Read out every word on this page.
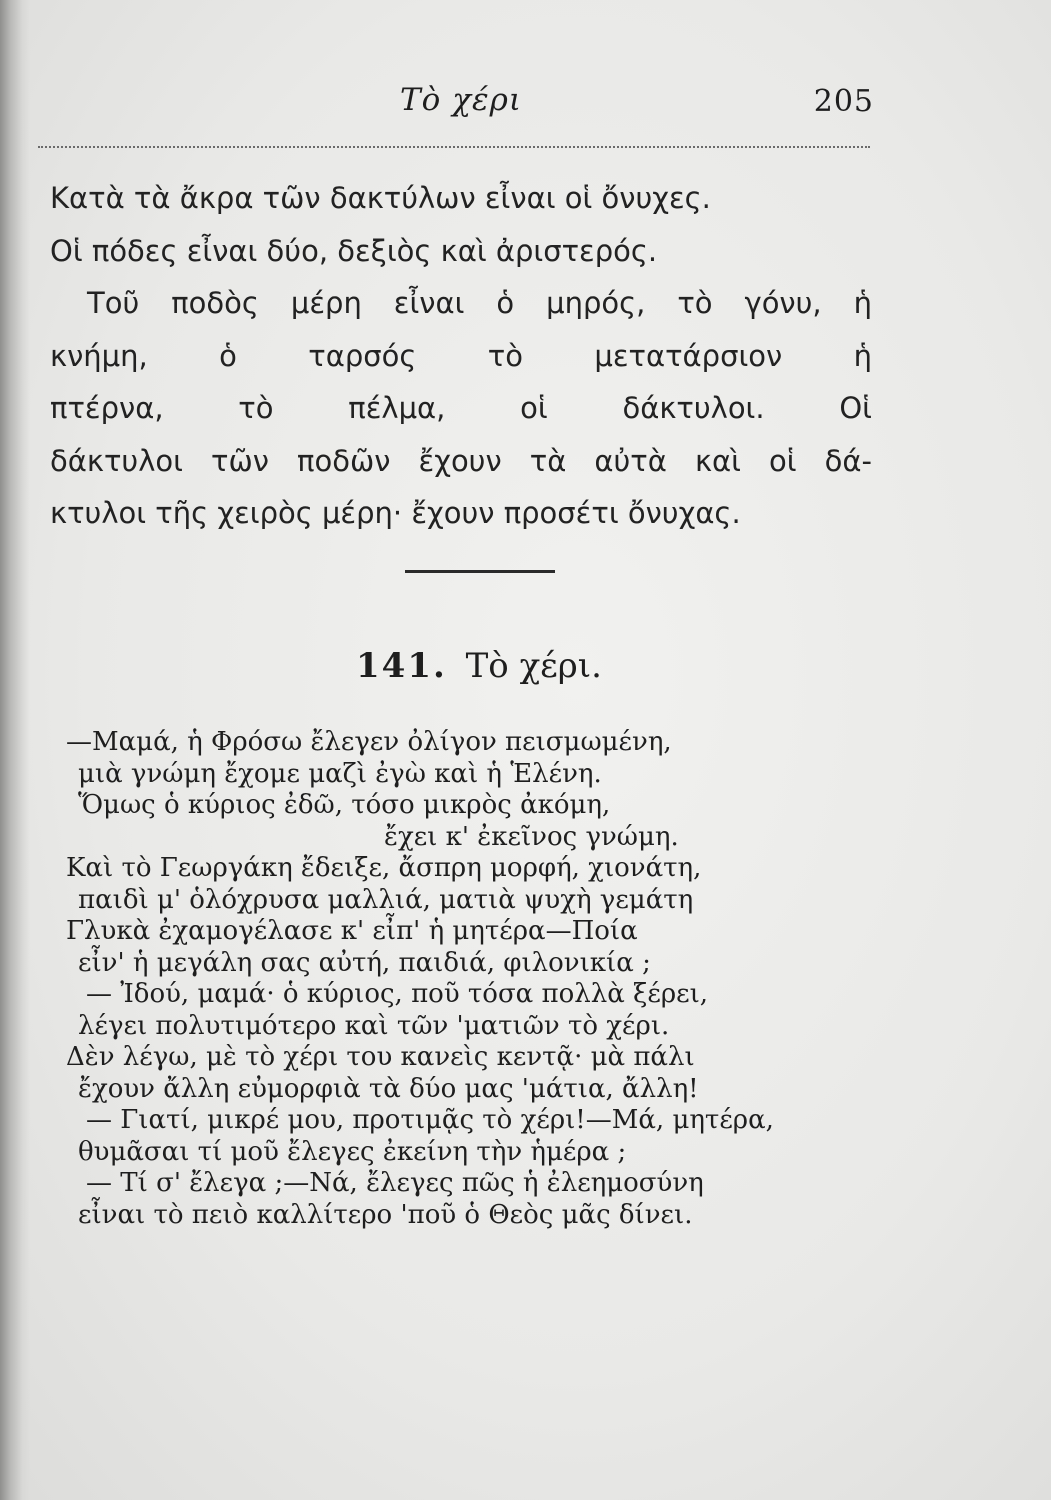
Τὸ χέρι	205
Κατὰ τὰ ἄκρα τῶν δακτύλων εἶναι οἱ ὄνυχες.
Οἱ πόδες εἶναι δύο, δεξιὸς καὶ ἀριστερός.
Τοῦ ποδὸς μέρη εἶναι ὁ μηρός, τὸ γόνυ, ἡ
κνήμη, ὁ ταρσός τὸ μετατάρσιον ἡ
πτέρνα, τὸ πέλμα, οἱ δάκτυλοι. Οἱ
δάκτυλοι τῶν ποδῶν ἔχουν τὰ αὐτὰ καὶ οἱ δά-
κτυλοι τῆς χειρὸς μέρη· ἔχουν προσέτι ὄνυχας.
141. Τὸ χέρι.
—Μαμά, ἡ Φρόσω ἔλεγεν ὀλίγον πεισμωμένη,
μιὰ γνώμη ἔχομε μαζὶ ἐγὼ καὶ ἡ Ἑλένη.
Ὅμως ὁ κύριος ἐδῶ, τόσο μικρὸς ἀκόμη,
ἔχει κ' ἐκεῖνος γνώμη.
Καὶ τὸ Γεωργάκη ἔδειξε, ἄσπρη μορφή, χιονάτη,
παιδὶ μ' ὁλόχρυσα μαλλιά, ματιὰ ψυχὴ γεμάτη
Γλυκὰ ἐχαμογέλασε κ' εἶπ' ἡ μητέρα—Ποία
εἶν' ἡ μεγάλη σας αὐτή, παιδιά, φιλονικία ;
— Ἰδού, μαμά· ὁ κύριος, ποῦ τόσα πολλὰ ξέρει,
λέγει πολυτιμότερο καὶ τῶν 'ματιῶν τὸ χέρι.
Δὲν λέγω, μὲ τὸ χέρι του κανεὶς κεντᾷ· μὰ πάλι
ἔχουν ἄλλη εὐμορφιὰ τὰ δύο μας 'μάτια, ἄλλη!
— Γιατί, μικρέ μου, προτιμᾷς τὸ χέρι!—Μά, μητέρα,
θυμᾶσαι τί μοῦ ἔλεγες ἐκείνη τὴν ἡμέρα ;
— Τί σ' ἔλεγα ;—Νά, ἔλεγες πῶς ἡ ἐλεημοσύνη
εἶναι τὸ πειὸ καλλίτερο 'ποῦ ὁ Θεὸς μᾶς δίνει.
